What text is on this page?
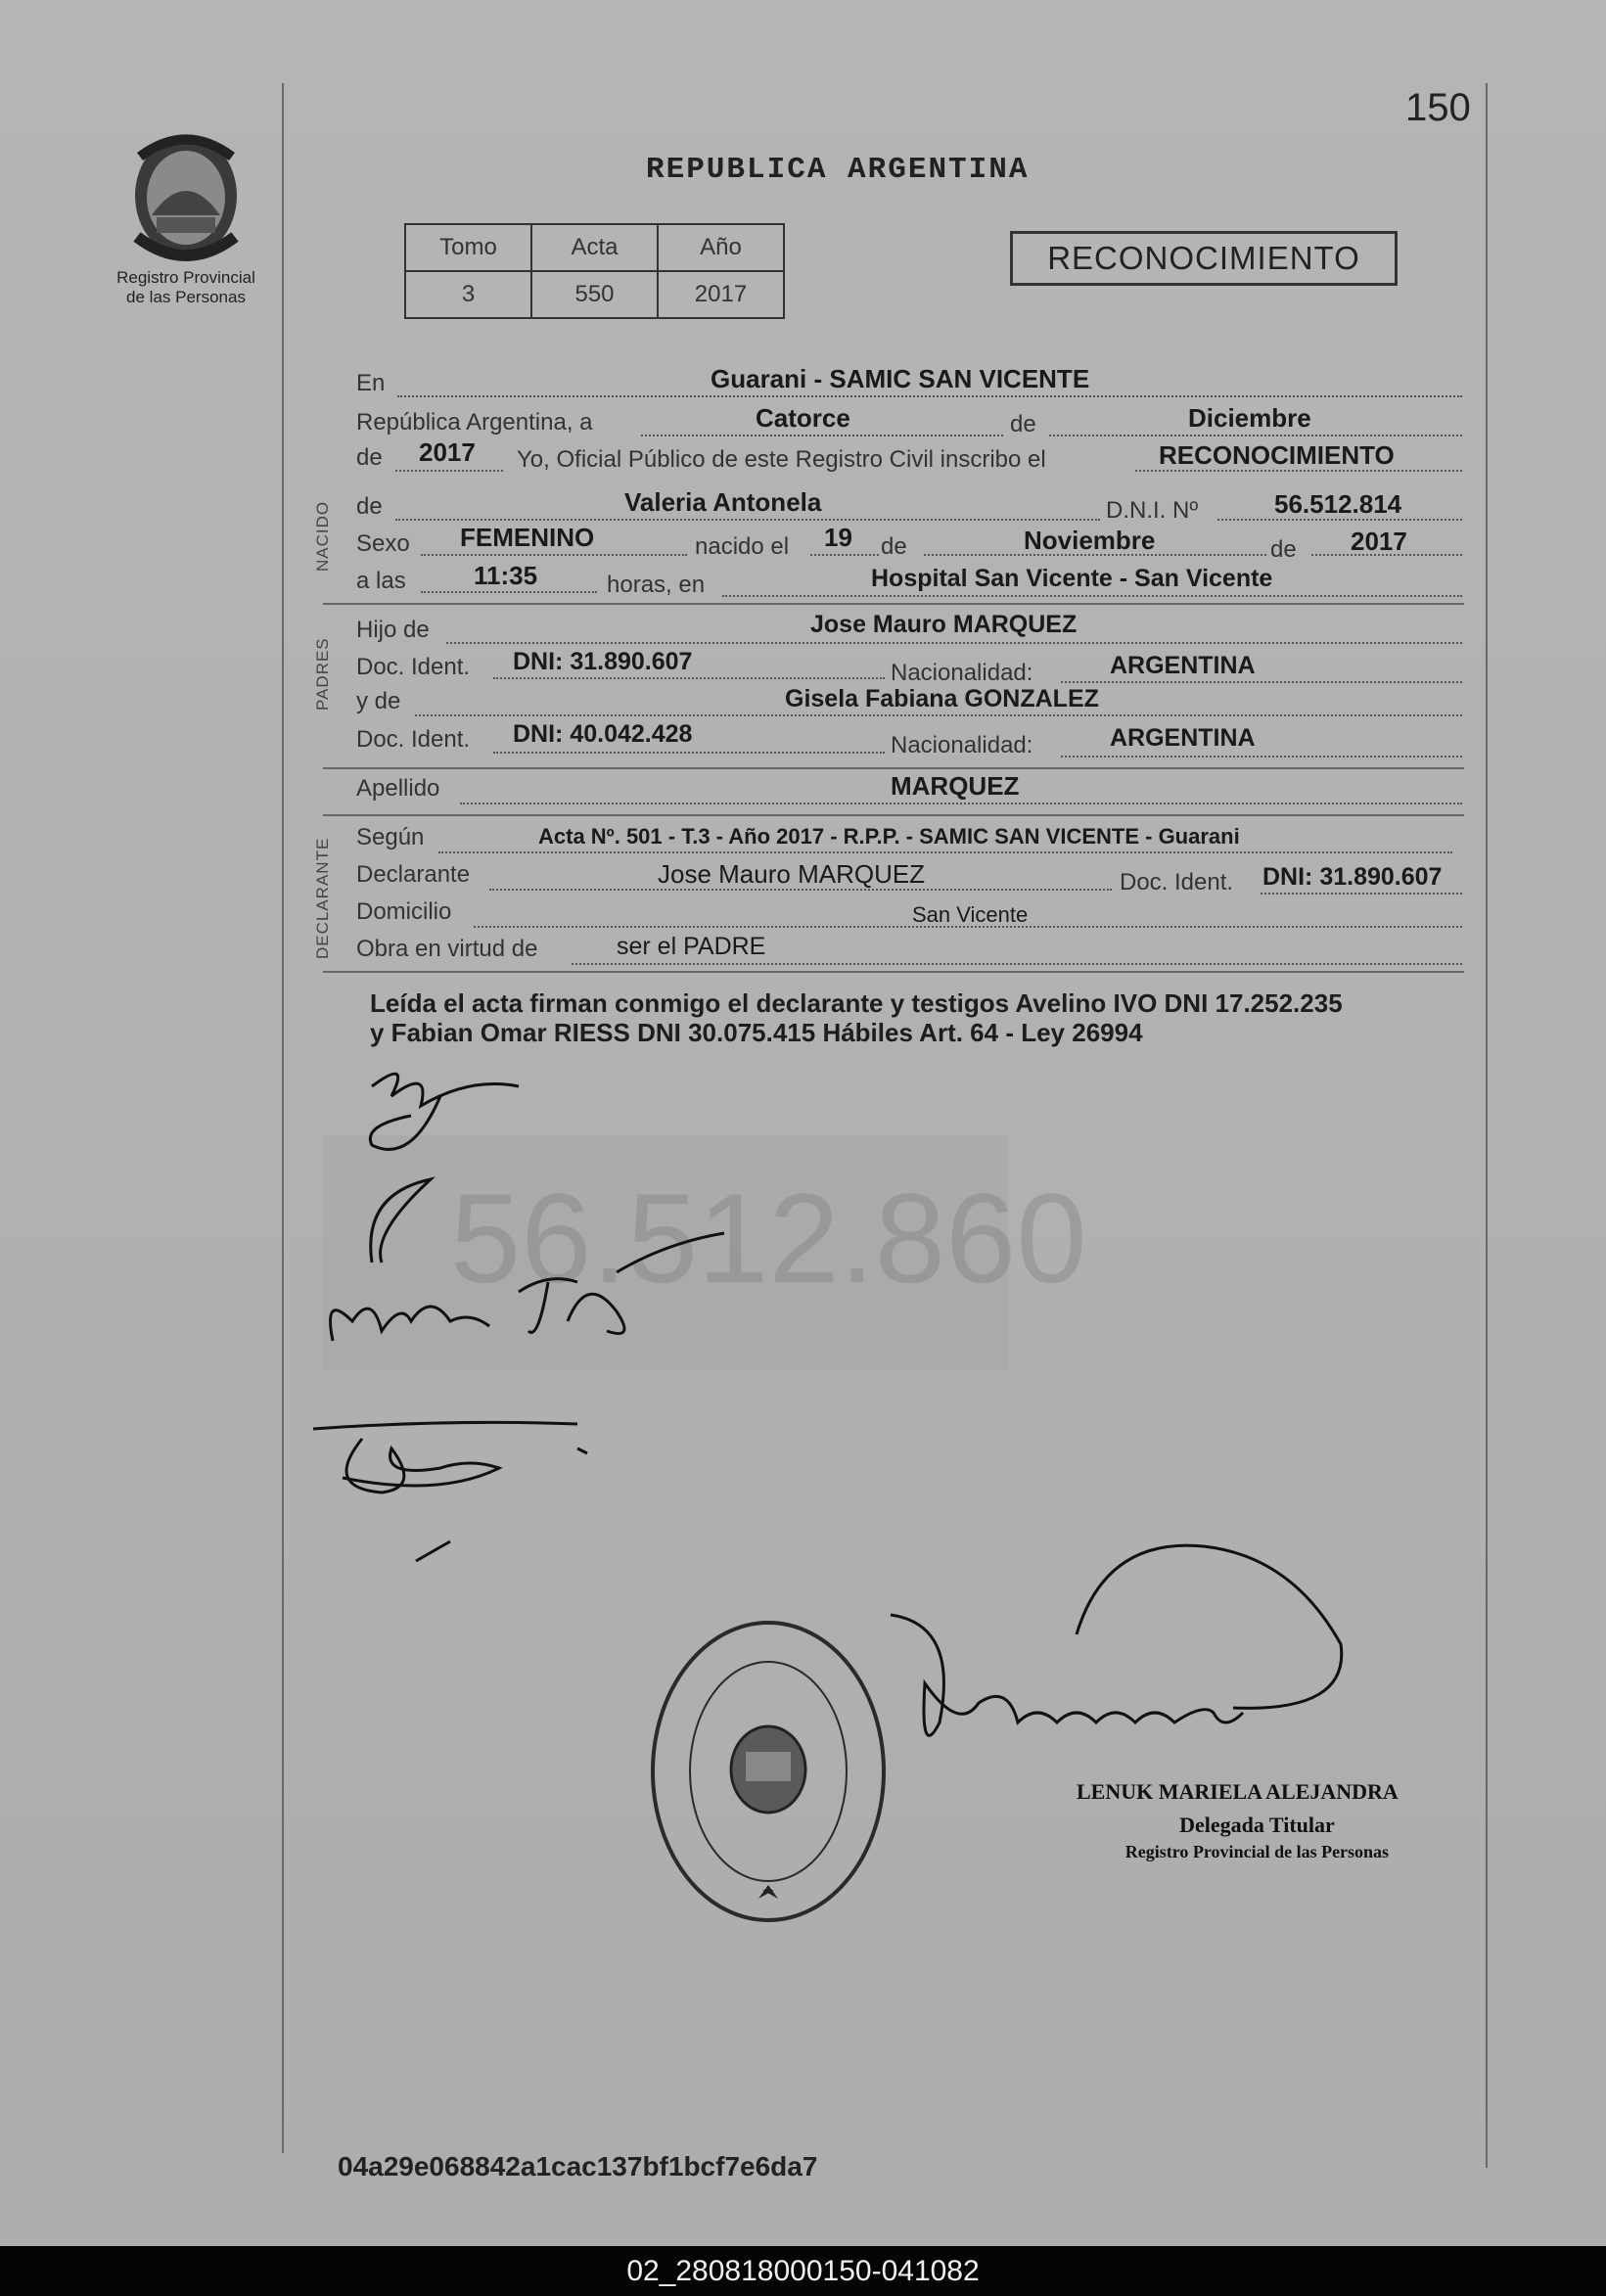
150
Registro Provincial
de las Personas
REPUBLICA ARGENTINA
Tomo	Acta	Año
3	550	2017
RECONOCIMIENTO
En	Guarani - SAMIC SAN VICENTE
República Argentina, a	Catorce	de	Diciembre
de 2017 Yo, Oficial Público de este Registro Civil inscribo el	RECONOCIMIENTO
NACIDO de	Valeria Antonela	D.N.I. Nº	56.512.814
Sexo FEMENINO	nacido el 19 de	Noviembre	de 2017
a las	11:35	horas, en	Hospital San Vicente - San Vicente
PADRES
Hijo de	Jose Mauro MARQUEZ
Doc. Ident. DNI: 31.890.607	Nacionalidad:	ARGENTINA
y de	Gisela Fabiana GONZALEZ
Doc. Ident. DNI: 40.042.428	Nacionalidad:	ARGENTINA
Apellido	MARQUEZ
DECLARANTE
Según	Acta Nº. 501 - T.3 - Año 2017 - R.P.P. - SAMIC SAN VICENTE - Guarani
Declarante	Jose Mauro MARQUEZ	Doc. Ident. DNI: 31.890.607
Domicilio	San Vicente
Obra en virtud de	ser el PADRE
Leída el acta firman conmigo el declarante y testigos Avelino IVO DNI 17.252.235
y Fabian Omar RIESS DNI 30.075.415 Hábiles Art. 64 - Ley 26994
56.512.860
LENUK MARIELA ALEJANDRA
Delegada Titular
Registro Provincial de las Personas
04a29e068842a1cac137bf1bcf7e6da7
02_280818000150-041082
